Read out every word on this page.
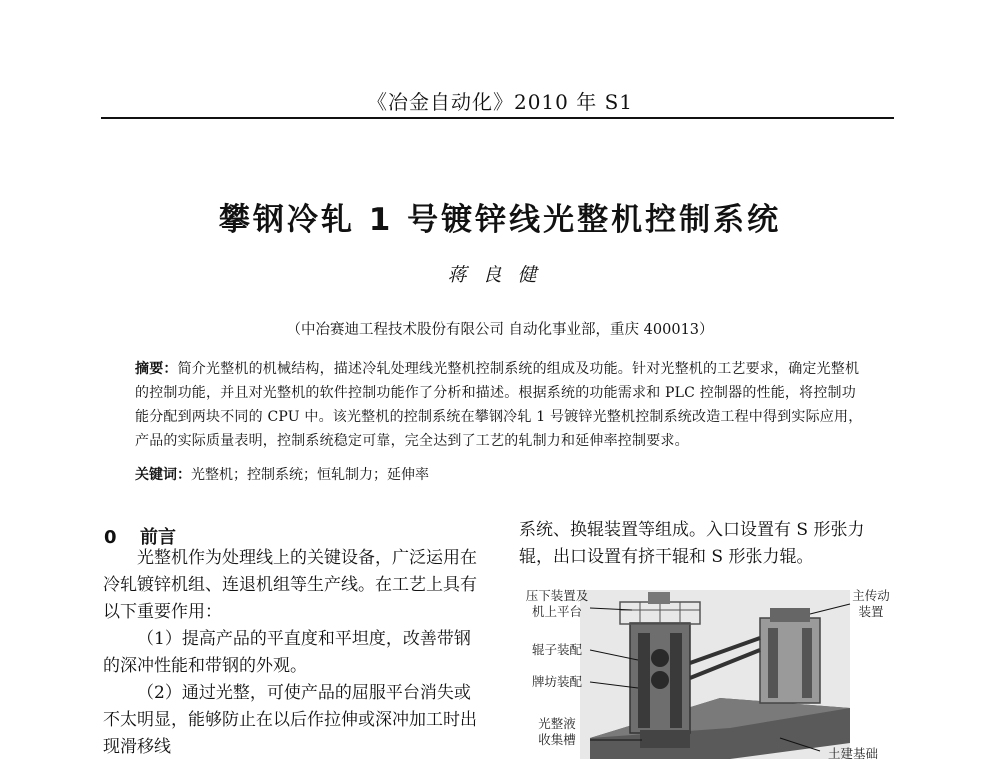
《冶金自动化》2010 年 S1
攀钢冷轧 1 号镀锌线光整机控制系统
蒋良健
（中冶赛迪工程技术股份有限公司 自动化事业部，重庆 400013）
摘要：简介光整机的机械结构，描述冷轧处理线光整机控制系统的组成及功能。针对光整机的工艺要求，确定光整机的控制功能，并且对光整机的软件控制功能作了分析和描述。根据系统的功能需求和 PLC 控制器的性能，将控制功能分配到两块不同的 CPU 中。该光整机的控制系统在攀钢冷轧 1 号镀锌光整机控制系统改造工程中得到实际应用，产品的实际质量表明，控制系统稳定可靠，完全达到了工艺的轧制力和延伸率控制要求。
关键词：光整机；控制系统；恒轧制力；延伸率
0 前言

光整机作为处理线上的关键设备，广泛运用在冷轧镀锌机组、连退机组等生产线。在工艺上具有以下重要作用：

（1）提高产品的平直度和平坦度，改善带钢的深冲性能和带钢的外观。

（2）通过光整，可使产品的屈服平台消失或不太明显，能够防止在以后作拉伸或深冲加工时出现滑移线

系统、换辊装置等组成。入口设置有 S 形张力辊，出口设置有挤干辊和 S 形张力辊。

压下装置及
机上平台
主传动
装置
辊子装配
牌坊装配
光整液
收集槽
土建基础
